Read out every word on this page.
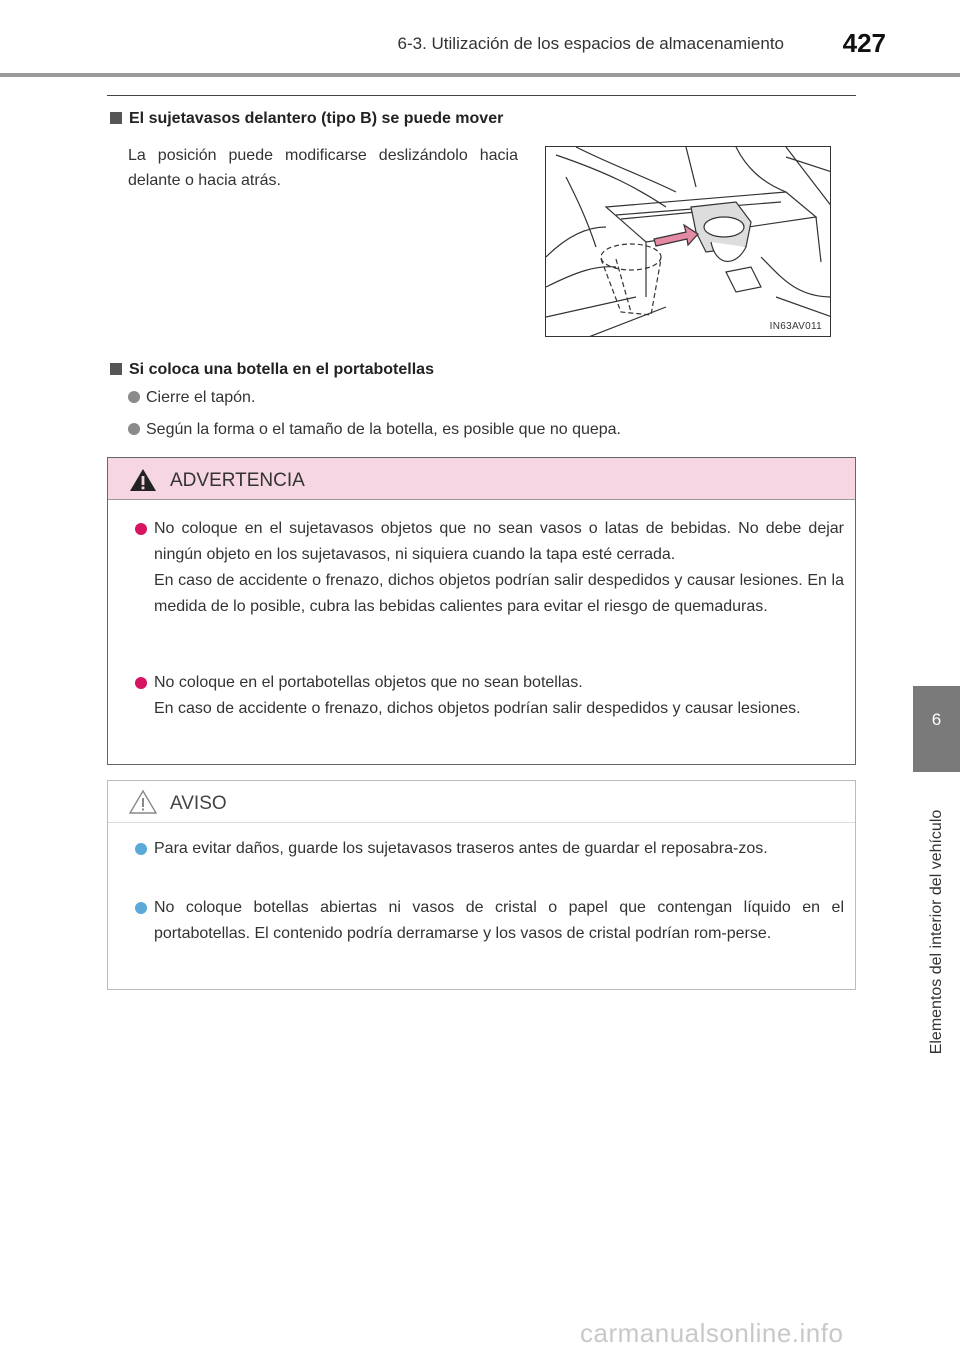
6-3. Utilización de los espacios de almacenamiento 427
6
Elementos del interior del vehículo
El sujetavasos delantero (tipo B) se puede mover
La posición puede modificarse deslizándolo hacia delante o hacia atrás.
IN63AV011
Si coloca una botella en el portabotellas
Cierre el tapón.
Según la forma o el tamaño de la botella, es posible que no quepa.
ADVERTENCIA
No coloque en el sujetavasos objetos que no sean vasos o latas de bebidas. No debe dejar ningún objeto en los sujetavasos, ni siquiera cuando la tapa esté cerrada.
En caso de accidente o frenazo, dichos objetos podrían salir despedidos y causar lesiones. En la medida de lo posible, cubra las bebidas calientes para evitar el riesgo de quemaduras.
No coloque en el portabotellas objetos que no sean botellas.
En caso de accidente o frenazo, dichos objetos podrían salir despedidos y causar lesiones.
AVISO
Para evitar daños, guarde los sujetavasos traseros antes de guardar el reposabra-zos.
No coloque botellas abiertas ni vasos de cristal o papel que contengan líquido en el portabotellas. El contenido podría derramarse y los vasos de cristal podrían rom-perse.
carmanualsonline.info
